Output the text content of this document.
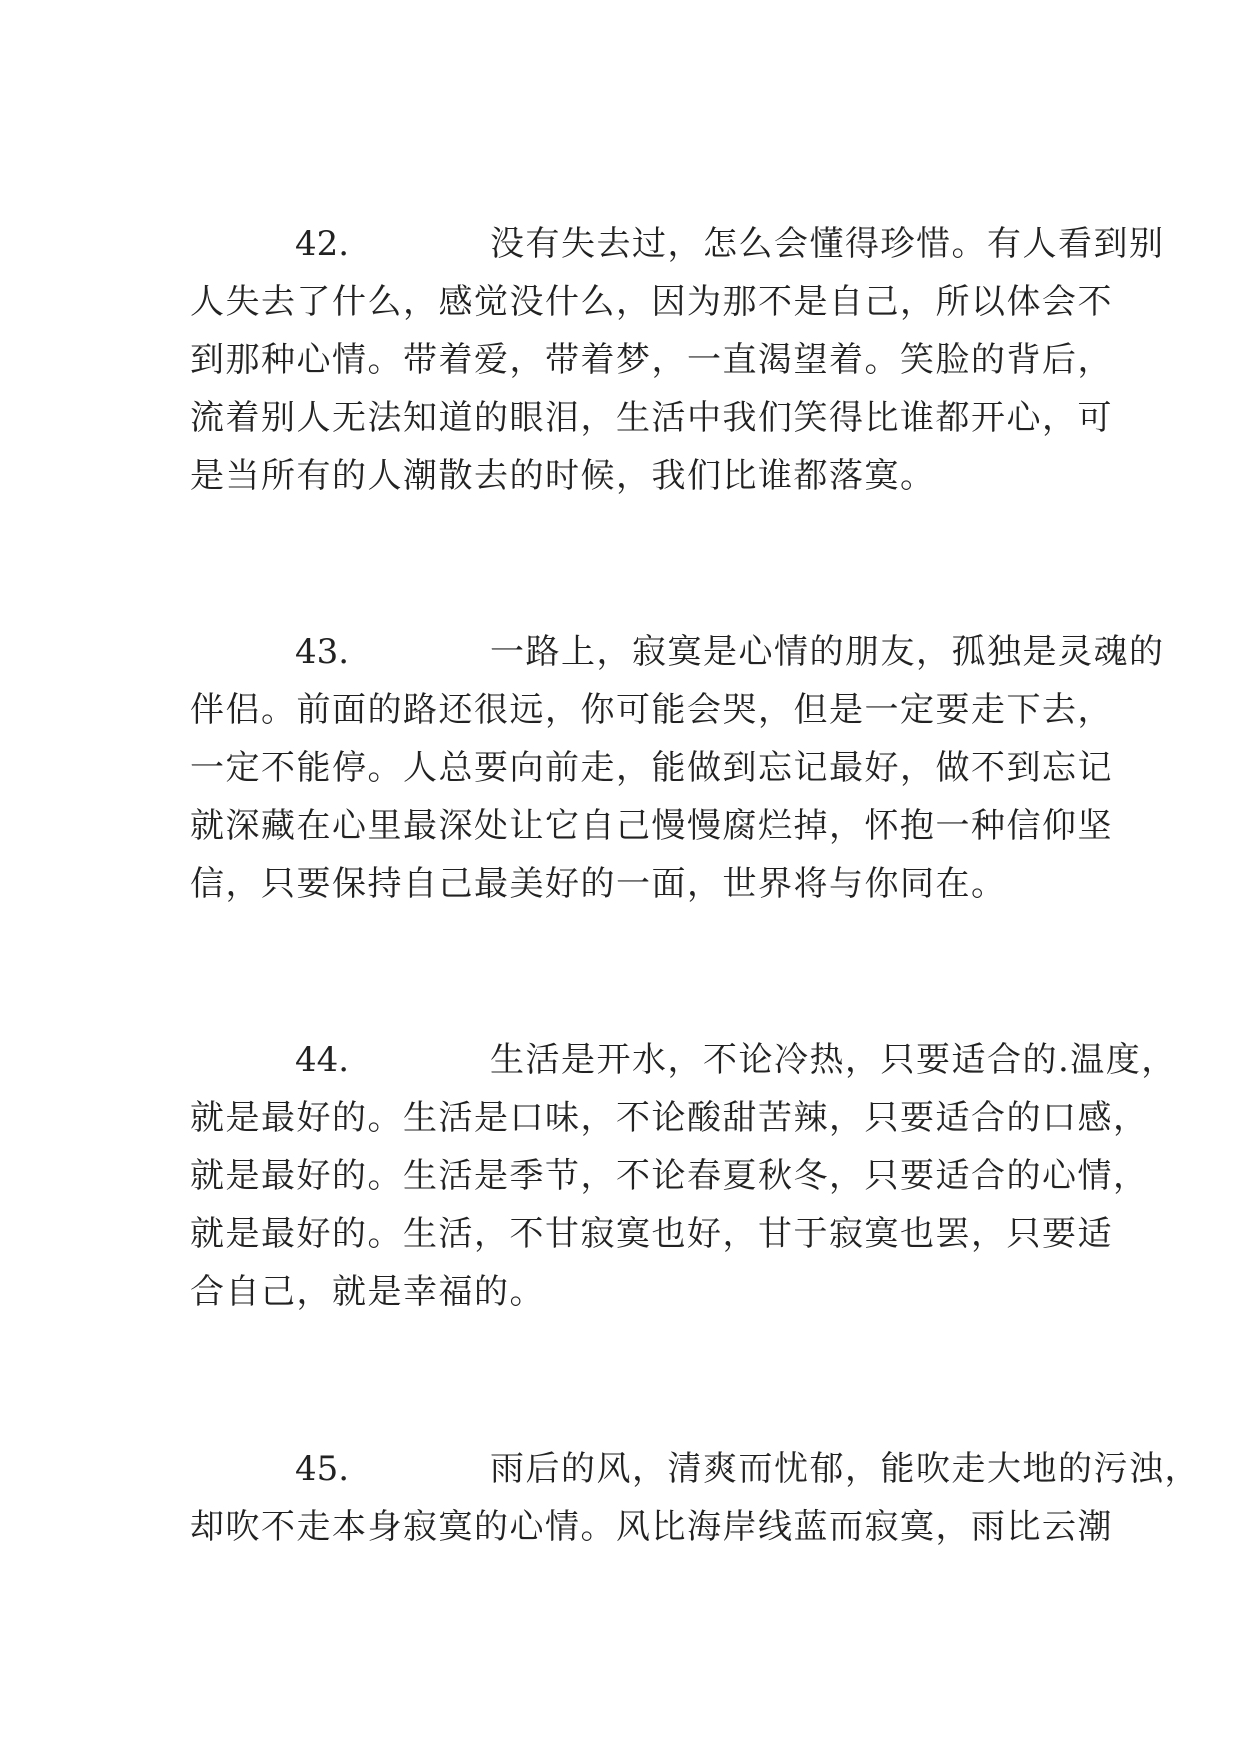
42.	没有失去过，怎么会懂得珍惜。有人看到别
人失去了什么，感觉没什么，因为那不是自己，所以体会不
到那种心情。带着爱，带着梦，一直渴望着。笑脸的背后，
流着别人无法知道的眼泪，生活中我们笑得比谁都开心，可
是当所有的人潮散去的时候，我们比谁都落寞。
43.	一路上，寂寞是心情的朋友，孤独是灵魂的
伴侣。前面的路还很远，你可能会哭，但是一定要走下去，
一定不能停。人总要向前走，能做到忘记最好，做不到忘记
就深藏在心里最深处让它自己慢慢腐烂掉，怀抱一种信仰坚
信，只要保持自己最美好的一面，世界将与你同在。
44.	生活是开水，不论冷热，只要适合的.温度，
就是最好的。生活是口味，不论酸甜苦辣，只要适合的口感，
就是最好的。生活是季节，不论春夏秋冬，只要适合的心情，
就是最好的。生活，不甘寂寞也好，甘于寂寞也罢，只要适
合自己，就是幸福的。
45.	雨后的风，清爽而忧郁，能吹走大地的污浊，
却吹不走本身寂寞的心情。风比海岸线蓝而寂寞，雨比云潮
